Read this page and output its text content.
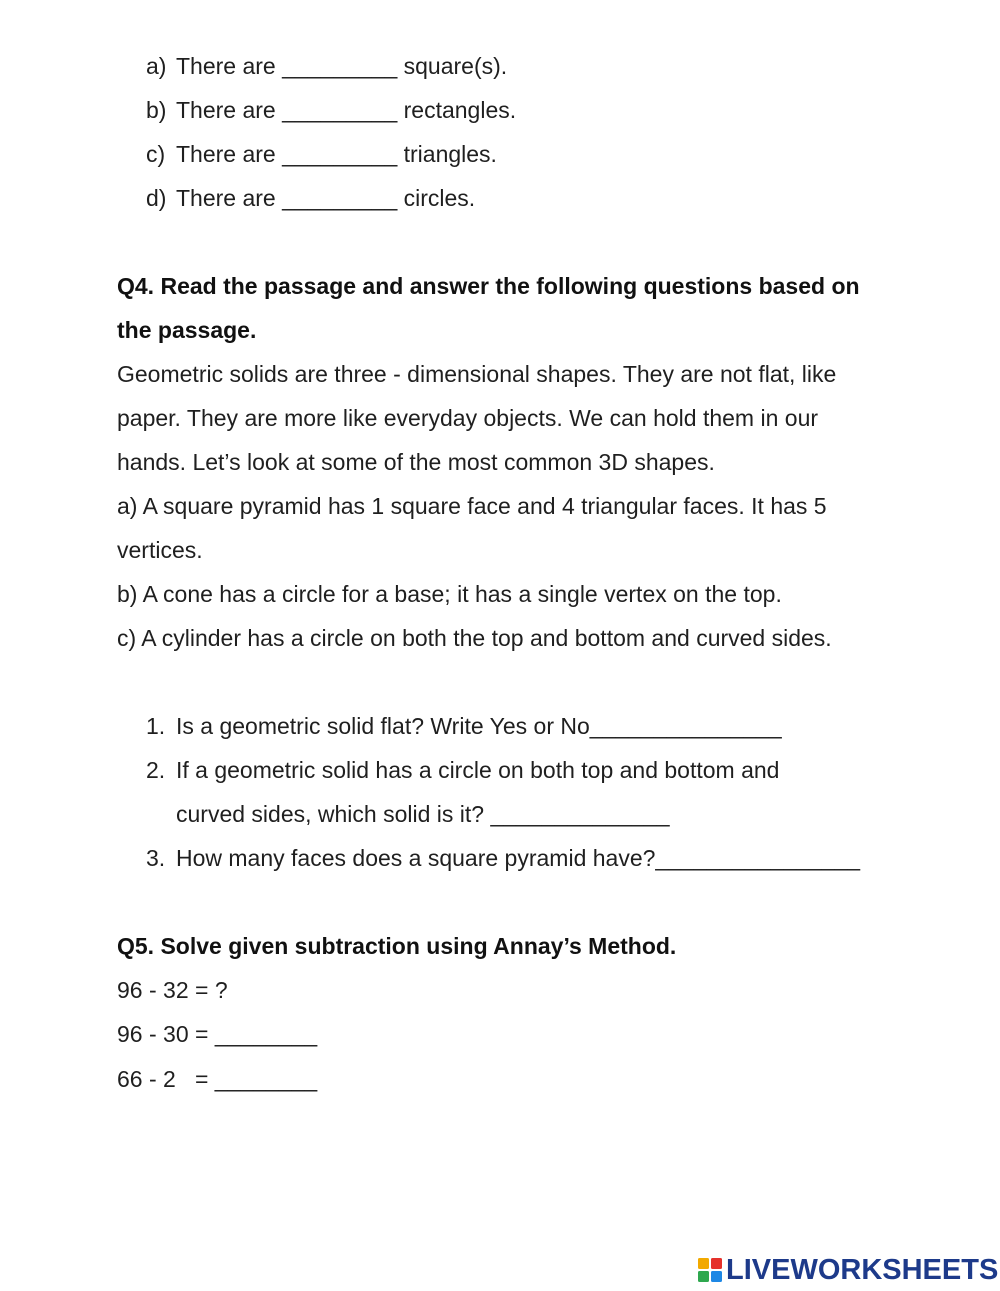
a) There are _________ square(s).
b) There are _________ rectangles.
c) There are _________ triangles.
d) There are _________ circles.
Q4. Read the passage and answer the following questions based on
the passage.
Geometric solids are three - dimensional shapes. They are not flat, like
paper. They are more like everyday objects. We can hold them in our
hands. Let’s look at some of the most common 3D shapes.
a) A square pyramid has 1 square face and 4 triangular faces. It has 5
vertices.
b) A cone has a circle for a base; it has a single vertex on the top.
c) A cylinder has a circle on both the top and bottom and curved sides.
1. Is a geometric solid flat? Write Yes or No_______________
2. If a geometric solid has a circle on both top and bottom and
curved sides, which solid is it? ______________
3. How many faces does a square pyramid have?________________
Q5. Solve given subtraction using Annay’s Method.
96 - 32 = ?
96 - 30 = ________
66 - 2   = ________
LIVEWORKSHEETS
